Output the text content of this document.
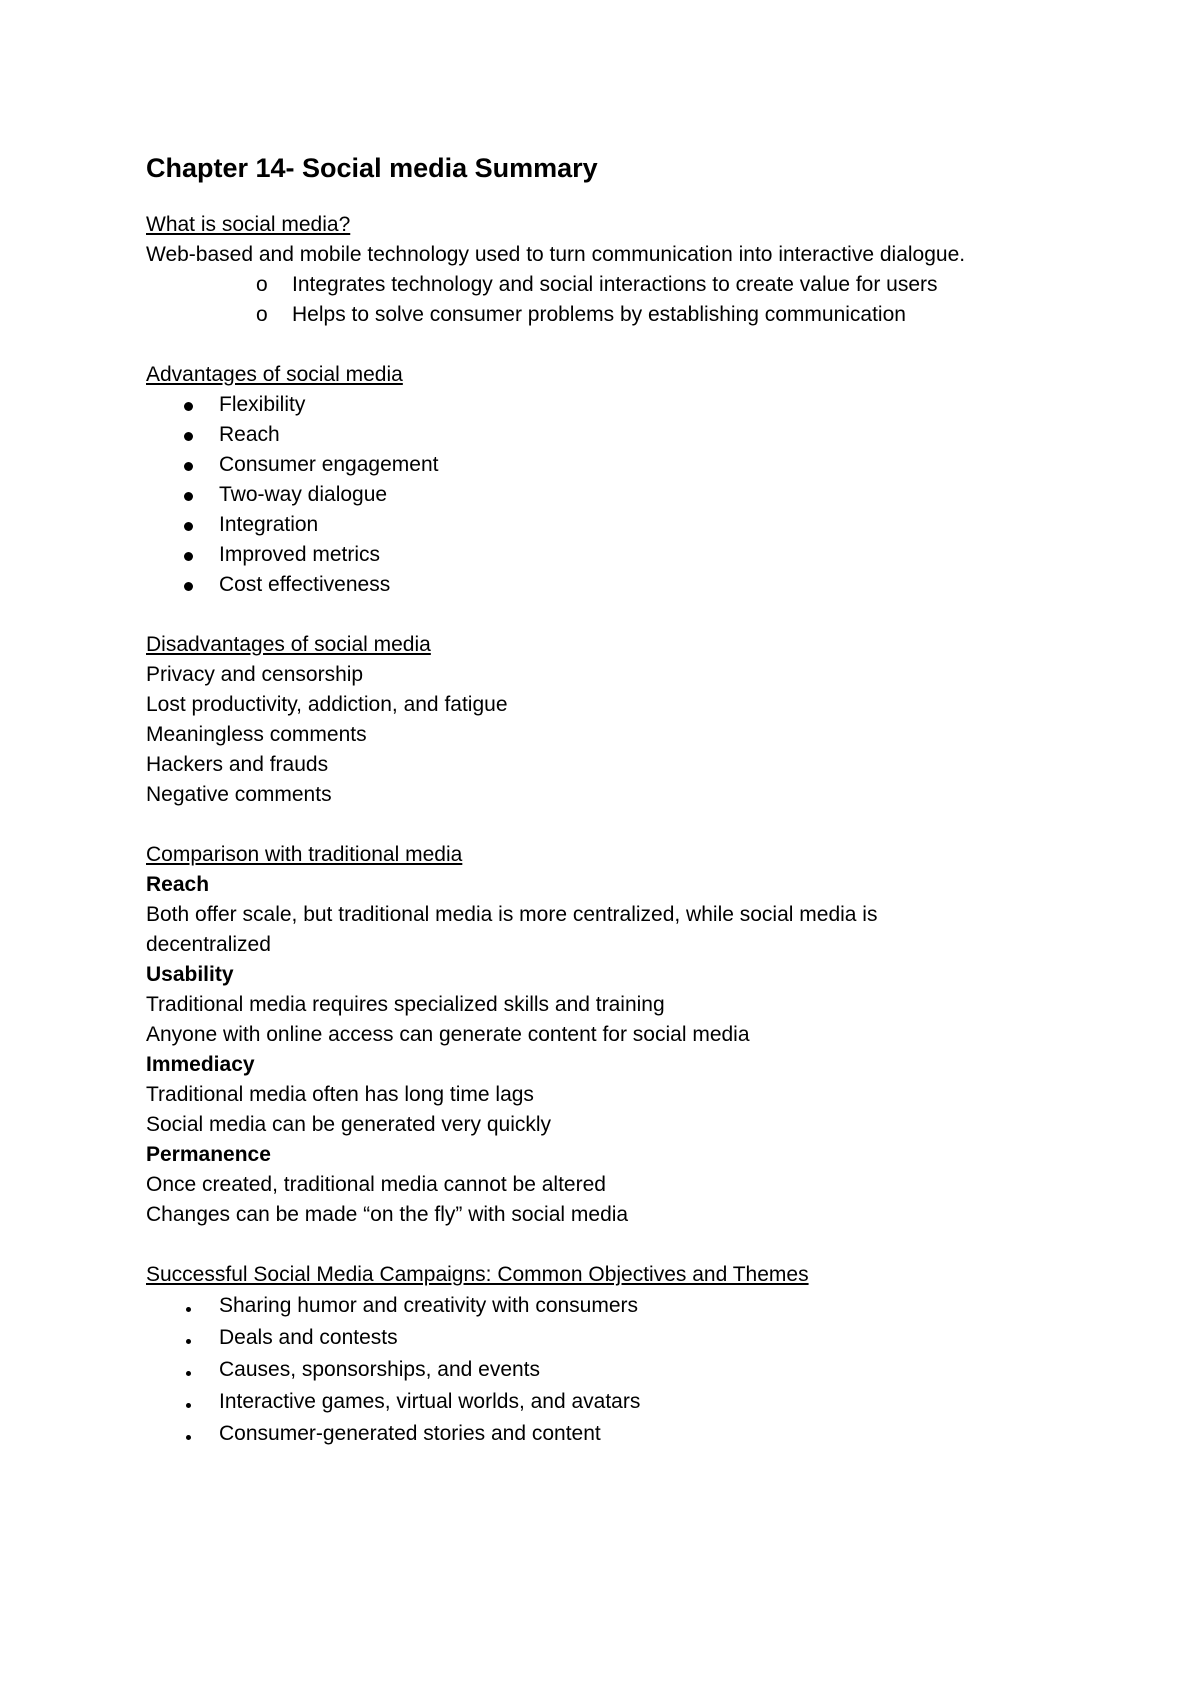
Chapter 14- Social media Summary

What is social media?

Web-based and mobile technology used to turn communication into interactive dialogue.

o Integrates technology and social interactions to create value for users
o Helps to solve consumer problems by establishing communication

Advantages of social media

Flexibility
Reach
Consumer engagement
Two-way dialogue
Integration
Improved metrics
Cost effectiveness

Disadvantages of social media

Privacy and censorship

Lost productivity, addiction, and fatigue

Meaningless comments

Hackers and frauds

Negative comments

Comparison with traditional media

Reach

Both offer scale, but traditional media is more centralized, while social media is

decentralized

Usability

Traditional media requires specialized skills and training

Anyone with online access can generate content for social media

Immediacy

Traditional media often has long time lags

Social media can be generated very quickly

Permanence

Once created, traditional media cannot be altered

Changes can be made “on the fly” with social media

Successful Social Media Campaigns: Common Objectives and Themes

Sharing humor and creativity with consumers
Deals and contests
Causes, sponsorships, and events
Interactive games, virtual worlds, and avatars
Consumer-generated stories and content
